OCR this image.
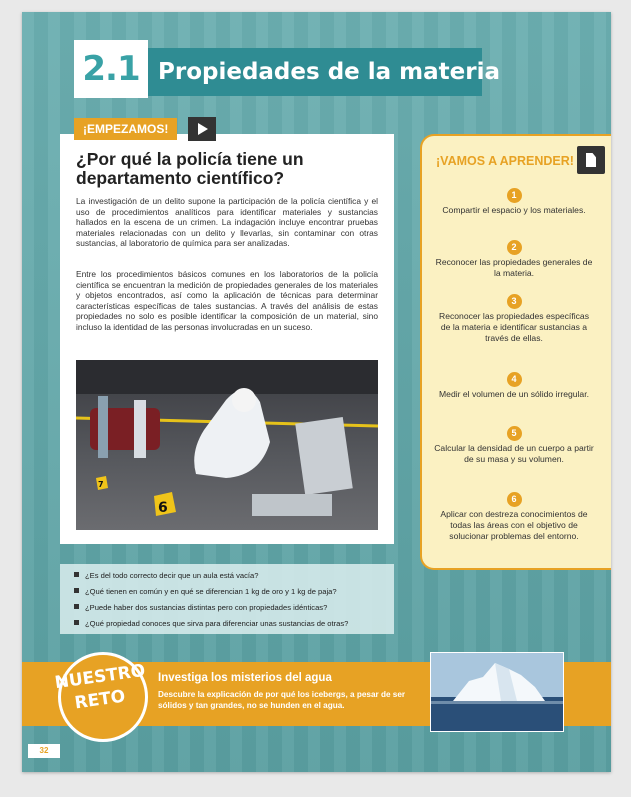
2.1 Propiedades de la materia
¿Por qué la policía tiene un departamento científico?
La investigación de un delito supone la participación de la policía científica y el uso de procedimientos analíticos para identificar materiales y sustancias hallados en la escena de un crimen. La indagación incluye encontrar pruebas materiales relacionadas con un delito y llevarlas, sin contaminar con otras sustancias, al laboratorio de química para ser analizadas.
Entre los procedimientos básicos comunes en los laboratorios de la policía científica se encuentran la medición de propiedades generales de los materiales y objetos encontrados, así como la aplicación de técnicas para determinar características específicas de tales sustancias. A través del análisis de estas propiedades no solo es posible identificar la composición de un material, sino incluso la identidad de las personas involucradas en un suceso.
6
7
¡EMPEZAMOS!
¡VAMOS A APRENDER!
1
Compartir el espacio y los materiales.
2
Reconocer las propiedades generales de la materia.
3
Reconocer las propiedades específicas de la materia e identificar sustancias a través de ellas.
4
Medir el volumen de un sólido irregular.
5
Calcular la densidad de un cuerpo a partir de su masa y su volumen.
6
Aplicar con destreza conocimientos de todas las áreas con el objetivo de solucionar problemas del entorno.
¿Es del todo correcto decir que un aula está vacía?
¿Qué tienen en común y en qué se diferencian 1 kg de oro y 1 kg de paja?
¿Puede haber dos sustancias distintas pero con propiedades idénticas?
¿Qué propiedad conoces que sirva para diferenciar unas sustancias de otras?
NUESTRO
RETO
Investiga los misterios del agua
Descubre la explicación de por qué los icebergs, a pesar de ser sólidos y tan grandes, no se hunden en el agua.
32
